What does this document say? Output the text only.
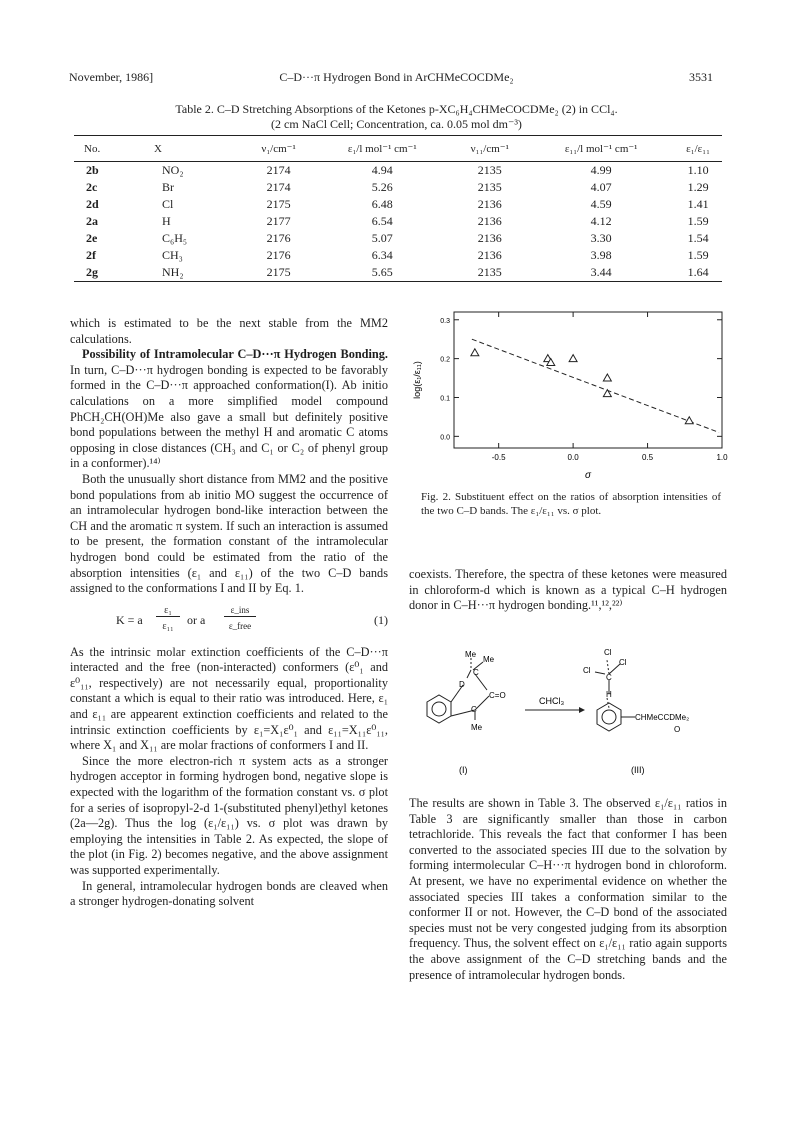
November, 1986]	C–D···π Hydrogen Bond in ArCHMeCOCDMe₂	3531
Table 2. C–D Stretching Absorptions of the Ketones p-XC₆H₄CHMeCOCDMe₂ (2) in CCl₄.
(2 cm NaCl Cell; Concentration, ca. 0.05 mol dm⁻³)
No.	X	ν₁/cm⁻¹	ε₁/l mol⁻¹ cm⁻¹	ν₁₁/cm⁻¹	ε₁₁/l mol⁻¹ cm⁻¹	ε₁/ε₁₁
2b	NO₂	2174	4.94	2135	4.99	1.10
2c	Br	2174	5.26	2135	4.07	1.29
2d	Cl	2175	6.48	2136	4.59	1.41
2a	H	2177	6.54	2136	4.12	1.59
2e	C₆H₅	2176	5.07	2136	3.30	1.54
2f	CH₃	2176	6.34	2136	3.98	1.59
2g	NH₂	2175	5.65	2135	3.44	1.64

which is estimated to be the next stable from the MM2 calculations.

Possibility of Intramolecular C–D···π Hydrogen Bonding. In turn, C–D···π hydrogen bonding is expected to be favorably formed in the C–D···π approached conformation(I). Ab initio calculations on a more simplified model compound PhCH₂CH(OH)Me also gave a small but definitely positive bond populations between the methyl H and aromatic C atoms opposing in close distances (CH₃ and C₁ or C₂ of phenyl group in a conformer).¹⁴⁾

Both the unusually short distance from MM2 and the positive bond populations from ab initio MO suggest the occurrence of an intramolecular hydrogen bond-like interaction between the CH and the aromatic π system. If such an interaction is assumed to be present, the formation constant of the intramolecular hydrogen bond could be estimated from the ratio of the absorption intensities (ε₁ and ε₁₁) of the two C–D bands assigned to the conformations I and II by Eq. 1.

K = a
ε₁
ε₁₁	or a
ε_ins
ε_free	(1)

As the intrinsic molar extinction coefficients of the C–D···π interacted and the free (non-interacted) conformers (ε⁰₁ and ε⁰₁₁, respectively) are not necessarily equal, proportionality constant a which is equal to their ratio was introduced. Here, ε₁ and ε₁₁ are appearent extinction coefficients and related to the intrinsic extinction coefficients by ε₁=X₁ε⁰₁ and ε₁₁=X₁₁ε⁰₁₁, where X₁ and X₁₁ are molar fractions of conformers I and II.

Since the more electron-rich π system acts as a stronger hydrogen acceptor in forming hydrogen bond, negative slope is expected with the logarithm of the formation constant vs. σ plot for a series of isopropyl-2-d 1-(substituted phenyl)ethyl ketones (2a—2g). Thus the log (ε₁/ε₁₁) vs. σ plot was drawn by employing the intensities in Table 2. As expected, the slope of the plot (in Fig. 2) becomes negative, and the above assignment was supported experimentally.

In general, intramolecular hydrogen bonds are cleaved when a stronger hydrogen-donating solvent

-0.5	0.0	0.5	1.0
0.0
0.1
0.2
0.3
σ
log(ε₁/ε₁₁)
Fig. 2. Substituent effect on the ratios of absorption intensities of the two C–D bands. The ε₁/ε₁₁ vs. σ plot.

coexists. Therefore, the spectra of these ketones were measured in chloroform-d which is known as a typical C–H hydrogen donor in C–H···π hydrogen bonding.¹¹,¹²,²²⁾

Me
Me
C
D
C=O
C
Me
CHCl₃
Cl
Cl
Cl
C
H
CHMeCCDMe₂
O
(I)	(III)

The results are shown in Table 3. The observed ε₁/ε₁₁ ratios in Table 3 are significantly smaller than those in carbon tetrachloride. This reveals the fact that conformer I has been converted to the associated species III due to the solvation by forming intermolecular C–H···π hydrogen bond in chloroform. At present, we have no experimental evidence on whether the associated species III takes a conformation similar to the conformer II or not. However, the C–D bond of the associated species must not be very congested judging from its absorption frequency. Thus, the solvent effect on ε₁/ε₁₁ ratio again supports the above assignment of the C–D stretching bands and the presence of intramolecular hydrogen bonds.
